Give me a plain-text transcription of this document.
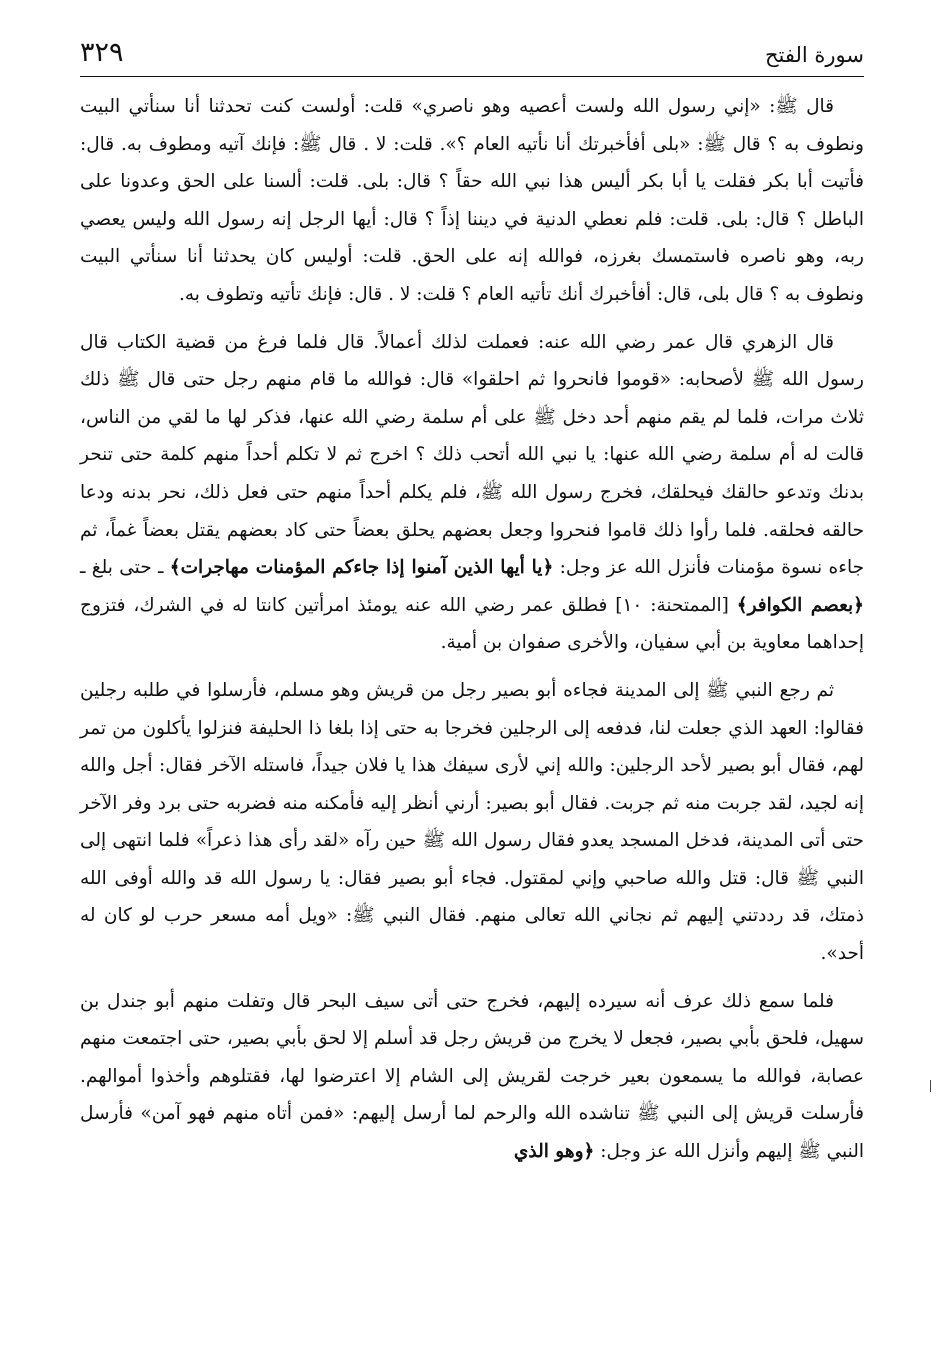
سورة الفتح
٣٢٩

قال ﷺ: «إني رسول الله ولست أعصيه وهو ناصري» قلت: أولست كنت تحدثنا أنا سنأتي البيت ونطوف به ؟ قال ﷺ: «بلى أفأخبرتك أنا نأتيه العام ؟». قلت: لا . قال ﷺ: فإنك آتيه ومطوف به. قال: فأتيت أبا بكر فقلت يا أبا بكر أليس هذا نبي الله حقاً ؟ قال: بلى. قلت: ألسنا على الحق وعدونا على الباطل ؟ قال: بلى. قلت: فلم نعطي الدنية في ديننا إذاً ؟ قال: أيها الرجل إنه رسول الله وليس يعصي ربه، وهو ناصره فاستمسك بغرزه، فوالله إنه على الحق. قلت: أوليس كان يحدثنا أنا سنأتي البيت ونطوف به ؟ قال بلى، قال: أفأخبرك أنك تأتيه العام ؟ قلت: لا . قال: فإنك تأتيه وتطوف به.

قال الزهري قال عمر رضي الله عنه: فعملت لذلك أعمالاً. قال فلما فرغ من قضية الكتاب قال رسول الله ﷺ لأصحابه: «قوموا فانحروا ثم احلقوا» قال: فوالله ما قام منهم رجل حتى قال ﷺ ذلك ثلاث مرات، فلما لم يقم منهم أحد دخل ﷺ على أم سلمة رضي الله عنها، فذكر لها ما لقي من الناس، قالت له أم سلمة رضي الله عنها: يا نبي الله أتحب ذلك ؟ اخرج ثم لا تكلم أحداً منهم كلمة حتى تنحر بدنك وتدعو حالقك فيحلقك، فخرج رسول الله ﷺ، فلم يكلم أحداً منهم حتى فعل ذلك، نحر بدنه ودعا حالقه فحلقه. فلما رأوا ذلك قاموا فنحروا وجعل بعضهم يحلق بعضاً حتى كاد بعضهم يقتل بعضاً غماً، ثم جاءه نسوة مؤمنات فأنزل الله عز وجل: ﴿يا أيها الذين آمنوا إذا جاءكم المؤمنات مهاجرات﴾ ـ حتى بلغ ـ ﴿بعصم الكوافر﴾ [الممتحنة: ١٠] فطلق عمر رضي الله عنه يومئذ امرأتين كانتا له في الشرك، فتزوج إحداهما معاوية بن أبي سفيان، والأخرى صفوان بن أمية.

ثم رجع النبي ﷺ إلى المدينة فجاءه أبو بصير رجل من قريش وهو مسلم، فأرسلوا في طلبه رجلين فقالوا: العهد الذي جعلت لنا، فدفعه إلى الرجلين فخرجا به حتى إذا بلغا ذا الحليفة فنزلوا يأكلون من تمر لهم، فقال أبو بصير لأحد الرجلين: والله إني لأرى سيفك هذا يا فلان جيداً، فاستله الآخر فقال: أجل والله إنه لجيد، لقد جربت منه ثم جربت. فقال أبو بصير: أرني أنظر إليه فأمكنه منه فضربه حتى برد وفر الآخر حتى أتى المدينة، فدخل المسجد يعدو فقال رسول الله ﷺ حين رآه «لقد رأى هذا ذعراً» فلما انتهى إلى النبي ﷺ قال: قتل والله صاحبي وإني لمقتول. فجاء أبو بصير فقال: يا رسول الله قد والله أوفى الله ذمتك، قد رددتني إليهم ثم نجاني الله تعالى منهم. فقال النبي ﷺ: «ويل أمه مسعر حرب لو كان له أحد».

فلما سمع ذلك عرف أنه سيرده إليهم، فخرج حتى أتى سيف البحر قال وتفلت منهم أبو جندل بن سهيل، فلحق بأبي بصير، فجعل لا يخرج من قريش رجل قد أسلم إلا لحق بأبي بصير، حتى اجتمعت منهم عصابة، فوالله ما يسمعون بعير خرجت لقريش إلى الشام إلا اعترضوا لها، فقتلوهم وأخذوا أموالهم. فأرسلت قريش إلى النبي ﷺ تناشده الله والرحم لما أرسل إليهم: «فمن أتاه منهم فهو آمن» فأرسل النبي ﷺ إليهم وأنزل الله عز وجل: ﴿وهو الذي
